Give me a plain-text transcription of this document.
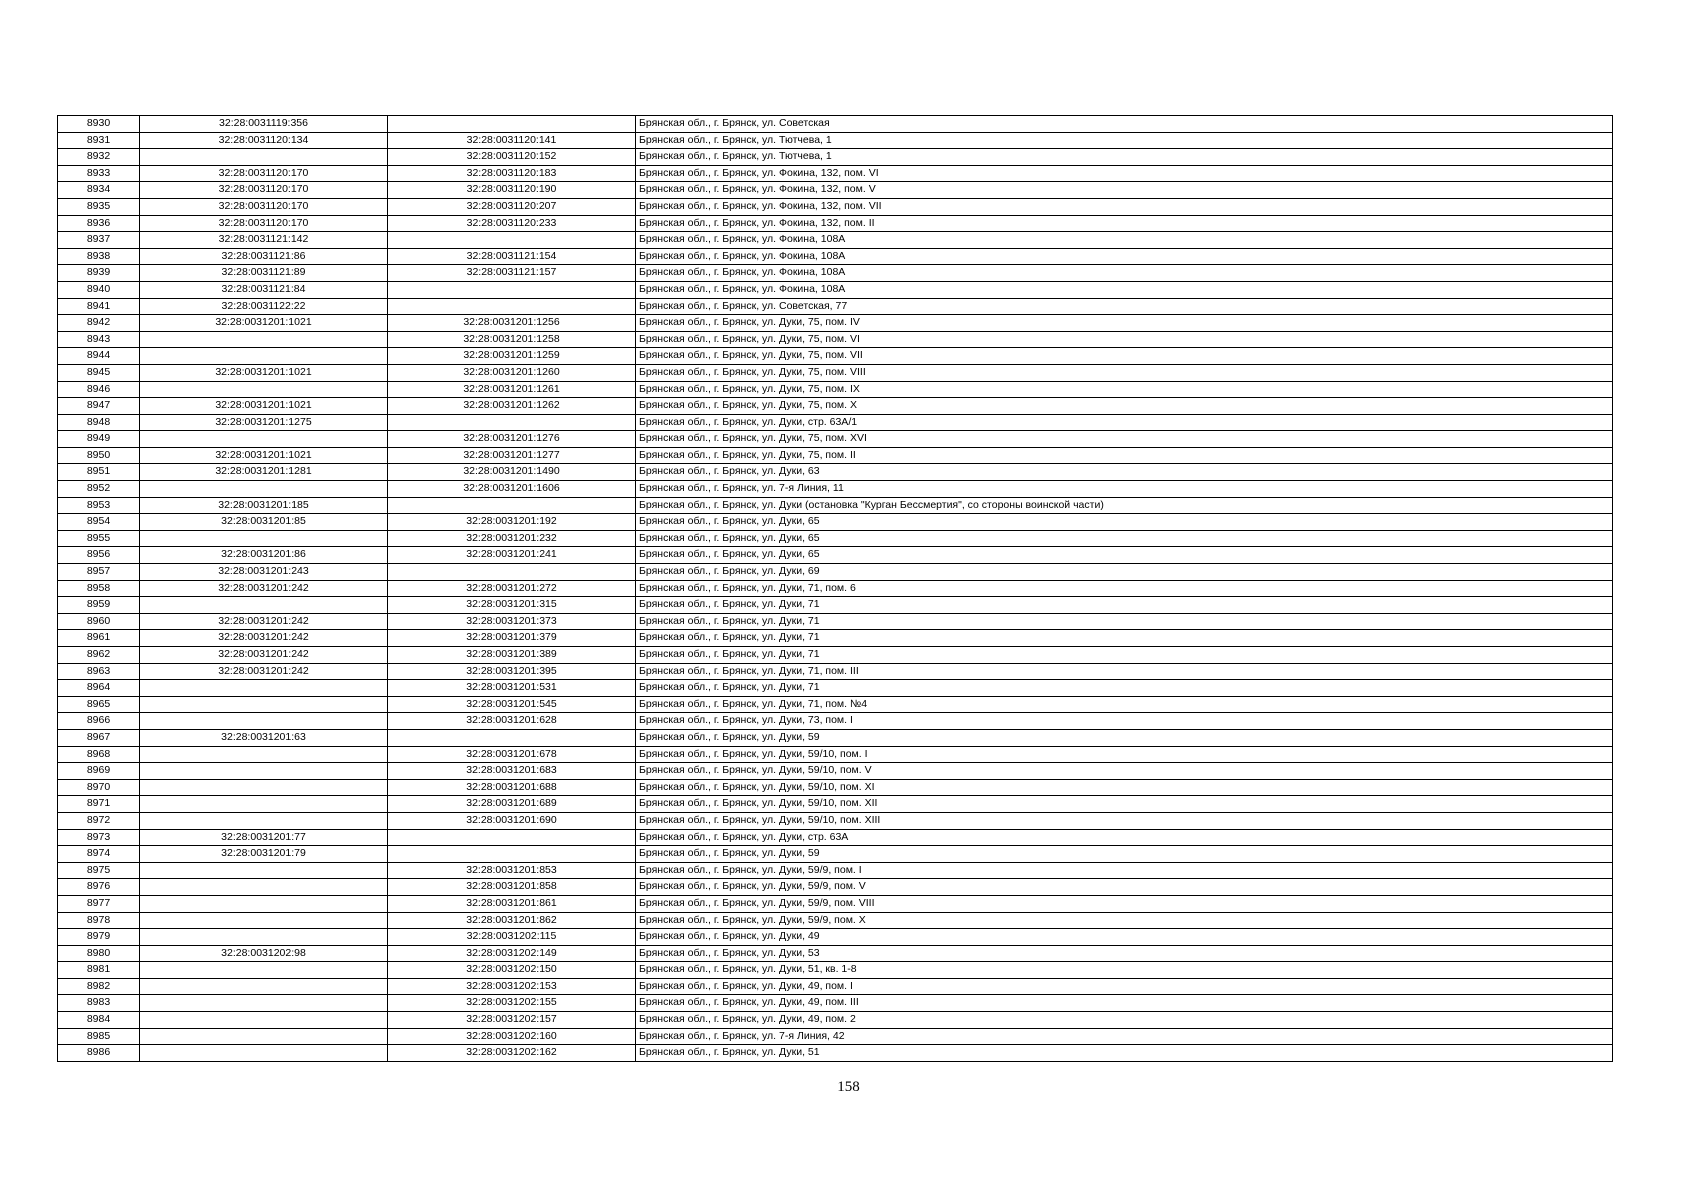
8930	32:28:0031119:356		Брянская обл., г. Брянск, ул. Советская
8931	32:28:0031120:134	32:28:0031120:141	Брянская обл., г. Брянск, ул. Тютчева, 1
8932		32:28:0031120:152	Брянская обл., г. Брянск, ул. Тютчева, 1
8933	32:28:0031120:170	32:28:0031120:183	Брянская обл., г. Брянск, ул. Фокина, 132, пом. VI
8934	32:28:0031120:170	32:28:0031120:190	Брянская обл., г. Брянск, ул. Фокина, 132, пом. V
8935	32:28:0031120:170	32:28:0031120:207	Брянская обл., г. Брянск, ул. Фокина, 132, пом. VII
8936	32:28:0031120:170	32:28:0031120:233	Брянская обл., г. Брянск, ул. Фокина, 132, пом. II
8937	32:28:0031121:142		Брянская обл., г. Брянск, ул. Фокина, 108А
8938	32:28:0031121:86	32:28:0031121:154	Брянская обл., г. Брянск, ул. Фокина, 108А
8939	32:28:0031121:89	32:28:0031121:157	Брянская обл., г. Брянск, ул. Фокина, 108А
8940	32:28:0031121:84		Брянская обл., г. Брянск, ул. Фокина, 108А
8941	32:28:0031122:22		Брянская обл., г. Брянск, ул. Советская, 77
8942	32:28:0031201:1021	32:28:0031201:1256	Брянская обл., г. Брянск, ул. Дуки, 75, пом. IV
8943		32:28:0031201:1258	Брянская обл., г. Брянск, ул. Дуки, 75, пом. VI
8944		32:28:0031201:1259	Брянская обл., г. Брянск, ул. Дуки, 75, пом. VII
8945	32:28:0031201:1021	32:28:0031201:1260	Брянская обл., г. Брянск, ул. Дуки, 75, пом. VIII
8946		32:28:0031201:1261	Брянская обл., г. Брянск, ул. Дуки, 75, пом. IX
8947	32:28:0031201:1021	32:28:0031201:1262	Брянская обл., г. Брянск, ул. Дуки, 75, пом. X
8948	32:28:0031201:1275		Брянская обл., г. Брянск, ул. Дуки, стр. 63А/1
8949		32:28:0031201:1276	Брянская обл., г. Брянск, ул. Дуки, 75, пом. XVI
8950	32:28:0031201:1021	32:28:0031201:1277	Брянская обл., г. Брянск, ул. Дуки, 75, пом. II
8951	32:28:0031201:1281	32:28:0031201:1490	Брянская обл., г. Брянск, ул. Дуки, 63
8952		32:28:0031201:1606	Брянская обл., г. Брянск, ул. 7-я Линия, 11
8953	32:28:0031201:185		Брянская обл., г. Брянск, ул. Дуки (остановка "Курган Бессмертия", со стороны воинской части)
8954	32:28:0031201:85	32:28:0031201:192	Брянская обл., г. Брянск, ул. Дуки, 65
8955		32:28:0031201:232	Брянская обл., г. Брянск, ул. Дуки, 65
8956	32:28:0031201:86	32:28:0031201:241	Брянская обл., г. Брянск, ул. Дуки, 65
8957	32:28:0031201:243		Брянская обл., г. Брянск, ул. Дуки, 69
8958	32:28:0031201:242	32:28:0031201:272	Брянская обл., г. Брянск, ул. Дуки, 71, пом. 6
8959		32:28:0031201:315	Брянская обл., г. Брянск, ул. Дуки, 71
8960	32:28:0031201:242	32:28:0031201:373	Брянская обл., г. Брянск, ул. Дуки, 71
8961	32:28:0031201:242	32:28:0031201:379	Брянская обл., г. Брянск, ул. Дуки, 71
8962	32:28:0031201:242	32:28:0031201:389	Брянская обл., г. Брянск, ул. Дуки, 71
8963	32:28:0031201:242	32:28:0031201:395	Брянская обл., г. Брянск, ул. Дуки, 71, пом. III
8964		32:28:0031201:531	Брянская обл., г. Брянск, ул. Дуки, 71
8965		32:28:0031201:545	Брянская обл., г. Брянск, ул. Дуки, 71, пом. №4
8966		32:28:0031201:628	Брянская обл., г. Брянск, ул. Дуки, 73, пом. I
8967	32:28:0031201:63		Брянская обл., г. Брянск, ул. Дуки, 59
8968		32:28:0031201:678	Брянская обл., г. Брянск, ул. Дуки, 59/10, пом. I
8969		32:28:0031201:683	Брянская обл., г. Брянск, ул. Дуки, 59/10, пом. V
8970		32:28:0031201:688	Брянская обл., г. Брянск, ул. Дуки, 59/10, пом. XI
8971		32:28:0031201:689	Брянская обл., г. Брянск, ул. Дуки, 59/10, пом. XII
8972		32:28:0031201:690	Брянская обл., г. Брянск, ул. Дуки, 59/10, пом. XIII
8973	32:28:0031201:77		Брянская обл., г. Брянск, ул. Дуки, стр. 63А
8974	32:28:0031201:79		Брянская обл., г. Брянск, ул. Дуки, 59
8975		32:28:0031201:853	Брянская обл., г. Брянск, ул. Дуки, 59/9, пом. I
8976		32:28:0031201:858	Брянская обл., г. Брянск, ул. Дуки, 59/9, пом. V
8977		32:28:0031201:861	Брянская обл., г. Брянск, ул. Дуки, 59/9, пом. VIII
8978		32:28:0031201:862	Брянская обл., г. Брянск, ул. Дуки, 59/9, пом. X
8979		32:28:0031202:115	Брянская обл., г. Брянск, ул. Дуки, 49
8980	32:28:0031202:98	32:28:0031202:149	Брянская обл., г. Брянск, ул. Дуки, 53
8981		32:28:0031202:150	Брянская обл., г. Брянск, ул. Дуки, 51, кв. 1-8
8982		32:28:0031202:153	Брянская обл., г. Брянск, ул. Дуки, 49, пом. I
8983		32:28:0031202:155	Брянская обл., г. Брянск, ул. Дуки, 49, пом. III
8984		32:28:0031202:157	Брянская обл., г. Брянск, ул. Дуки, 49, пом. 2
8985		32:28:0031202:160	Брянская обл., г. Брянск, ул. 7-я Линия, 42
8986		32:28:0031202:162	Брянская обл., г. Брянск, ул. Дуки, 51
158
